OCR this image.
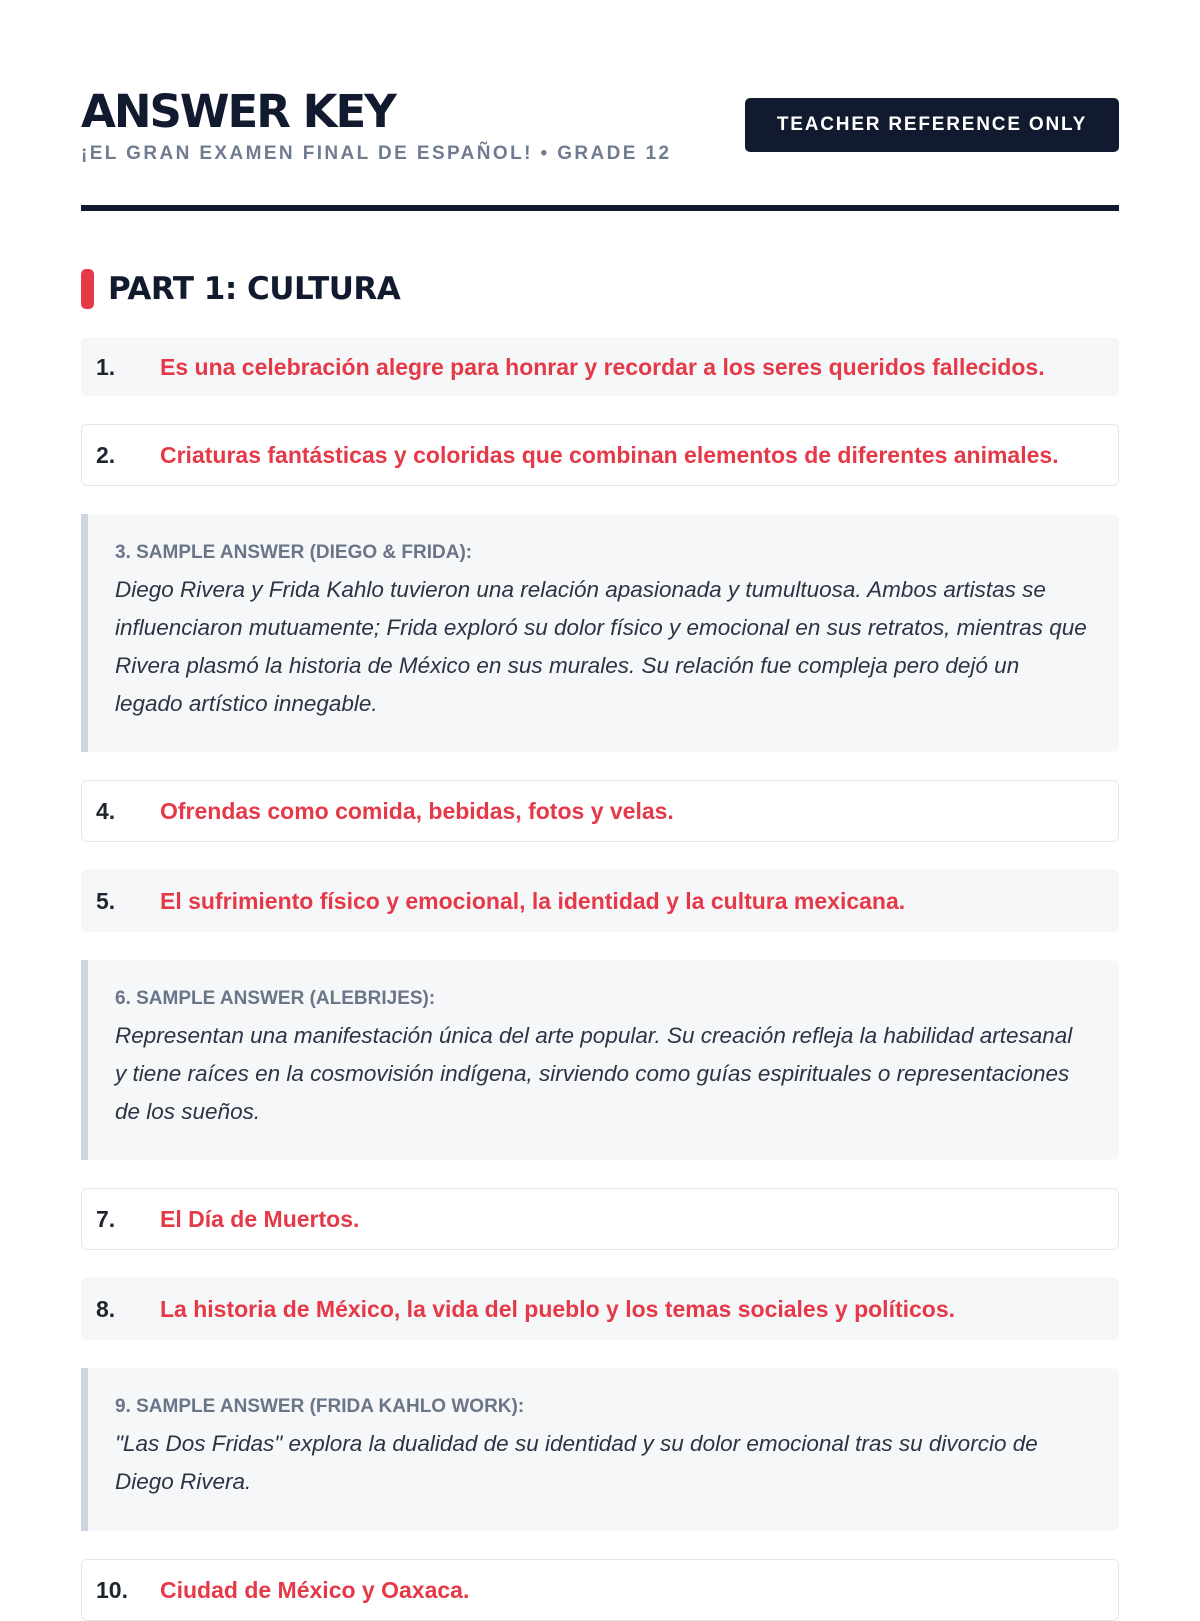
ANSWER KEY
¡EL GRAN EXAMEN FINAL DE ESPAÑOL! • GRADE 12
TEACHER REFERENCE ONLY
PART 1: CULTURA
1.	Es una celebración alegre para honrar y recordar a los seres queridos fallecidos.
2.	Criaturas fantásticas y coloridas que combinan elementos de diferentes animales.
3. SAMPLE ANSWER (DIEGO & FRIDA):
Diego Rivera y Frida Kahlo tuvieron una relación apasionada y tumultuosa. Ambos artistas se influenciaron mutuamente; Frida exploró su dolor físico y emocional en sus retratos, mientras que Rivera plasmó la historia de México en sus murales. Su relación fue compleja pero dejó un legado artístico innegable.
4.	Ofrendas como comida, bebidas, fotos y velas.
5.	El sufrimiento físico y emocional, la identidad y la cultura mexicana.
6. SAMPLE ANSWER (ALEBRIJES):
Representan una manifestación única del arte popular. Su creación refleja la habilidad artesanal y tiene raíces en la cosmovisión indígena, sirviendo como guías espirituales o representaciones de los sueños.
7.	El Día de Muertos.
8.	La historia de México, la vida del pueblo y los temas sociales y políticos.
9. SAMPLE ANSWER (FRIDA KAHLO WORK):
"Las Dos Fridas" explora la dualidad de su identidad y su dolor emocional tras su divorcio de Diego Rivera.
10.	Ciudad de México y Oaxaca.
